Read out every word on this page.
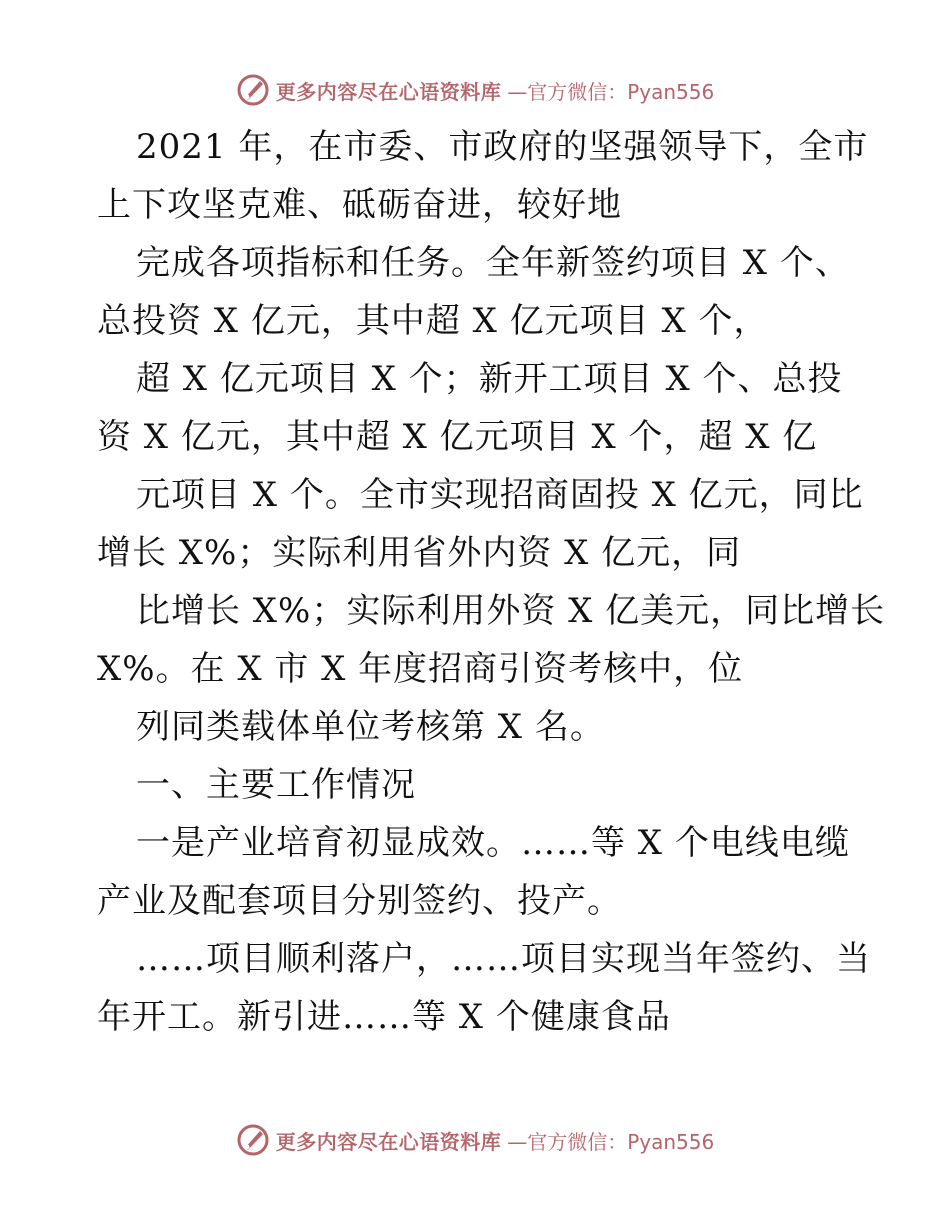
更多内容尽在心语资料库 —官方微信：Pyan556
2021 年，在市委、市政府的坚强领导下，全市
上下攻坚克难、砥砺奋进，较好地
完成各项指标和任务。全年新签约项目 X 个、
总投资 X 亿元，其中超 X 亿元项目 X 个，
超 X 亿元项目 X 个；新开工项目 X 个、总投
资 X 亿元，其中超 X 亿元项目 X 个，超 X 亿
元项目 X 个。全市实现招商固投 X 亿元，同比
增长 X%；实际利用省外内资 X 亿元，同
比增长 X%；实际利用外资 X 亿美元，同比增长
X%。在 X 市 X 年度招商引资考核中，位
列同类载体单位考核第 X 名。
一、主要工作情况
一是产业培育初显成效。……等 X 个电线电缆
产业及配套项目分别签约、投产。
……项目顺利落户，……项目实现当年签约、当
年开工。新引进……等 X 个健康食品
更多内容尽在心语资料库 —官方微信：Pyan556
